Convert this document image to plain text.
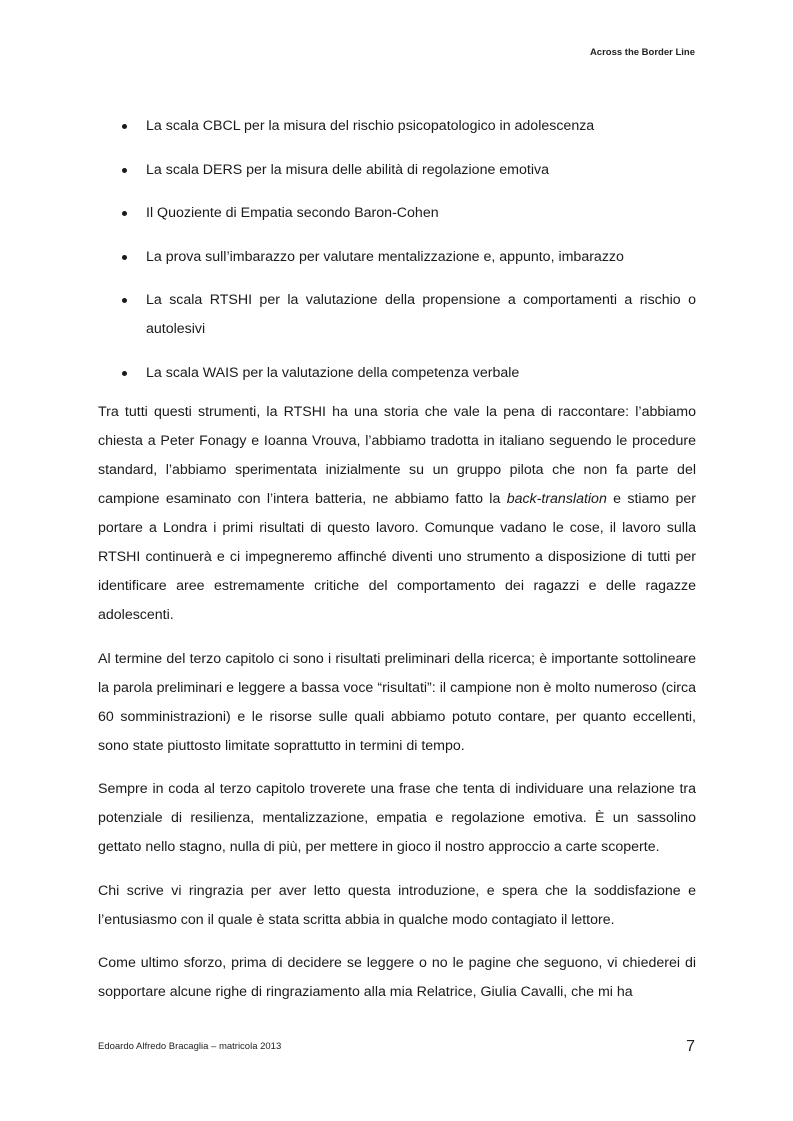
Across the Border Line
La scala CBCL per la misura del rischio psicopatologico in adolescenza
La scala DERS per la misura delle abilità di regolazione emotiva
Il Quoziente di Empatia secondo Baron-Cohen
La prova sull’imbarazzo per valutare mentalizzazione e, appunto, imbarazzo
La scala RTSHI per la valutazione della propensione a comportamenti a rischio o autolesivi
La scala WAIS per la valutazione della competenza verbale

Tra tutti questi strumenti, la RTSHI ha una storia che vale la pena di raccontare: l’abbiamo chiesta a Peter Fonagy e Ioanna Vrouva, l’abbiamo tradotta in italiano seguendo le procedure standard, l’abbiamo sperimentata inizialmente su un gruppo pilota che non fa parte del campione esaminato con l’intera batteria, ne abbiamo fatto la back-translation e stiamo per portare a Londra i primi risultati di questo lavoro. Comunque vadano le cose, il lavoro sulla RTSHI continuerà e ci impegneremo affinché diventi uno strumento a disposizione di tutti per identificare aree estremamente critiche del comportamento dei ragazzi e delle ragazze adolescenti.

Al termine del terzo capitolo ci sono i risultati preliminari della ricerca; è importante sottolineare la parola preliminari e leggere a bassa voce “risultati”: il campione non è molto numeroso (circa 60 somministrazioni) e le risorse sulle quali abbiamo potuto contare, per quanto eccellenti, sono state piuttosto limitate soprattutto in termini di tempo.

Sempre in coda al terzo capitolo troverete una frase che tenta di individuare una relazione tra potenziale di resilienza, mentalizzazione, empatia e regolazione emotiva. È un sassolino gettato nello stagno, nulla di più, per mettere in gioco il nostro approccio a carte scoperte.

Chi scrive vi ringrazia per aver letto questa introduzione, e spera che la soddisfazione e l’entusiasmo con il quale è stata scritta abbia in qualche modo contagiato il lettore.

Come ultimo sforzo, prima di decidere se leggere o no le pagine che seguono, vi chiederei di sopportare alcune righe di ringraziamento alla mia Relatrice, Giulia Cavalli, che mi ha

Edoardo Alfredo Bracaglia – matricola 2013	7
